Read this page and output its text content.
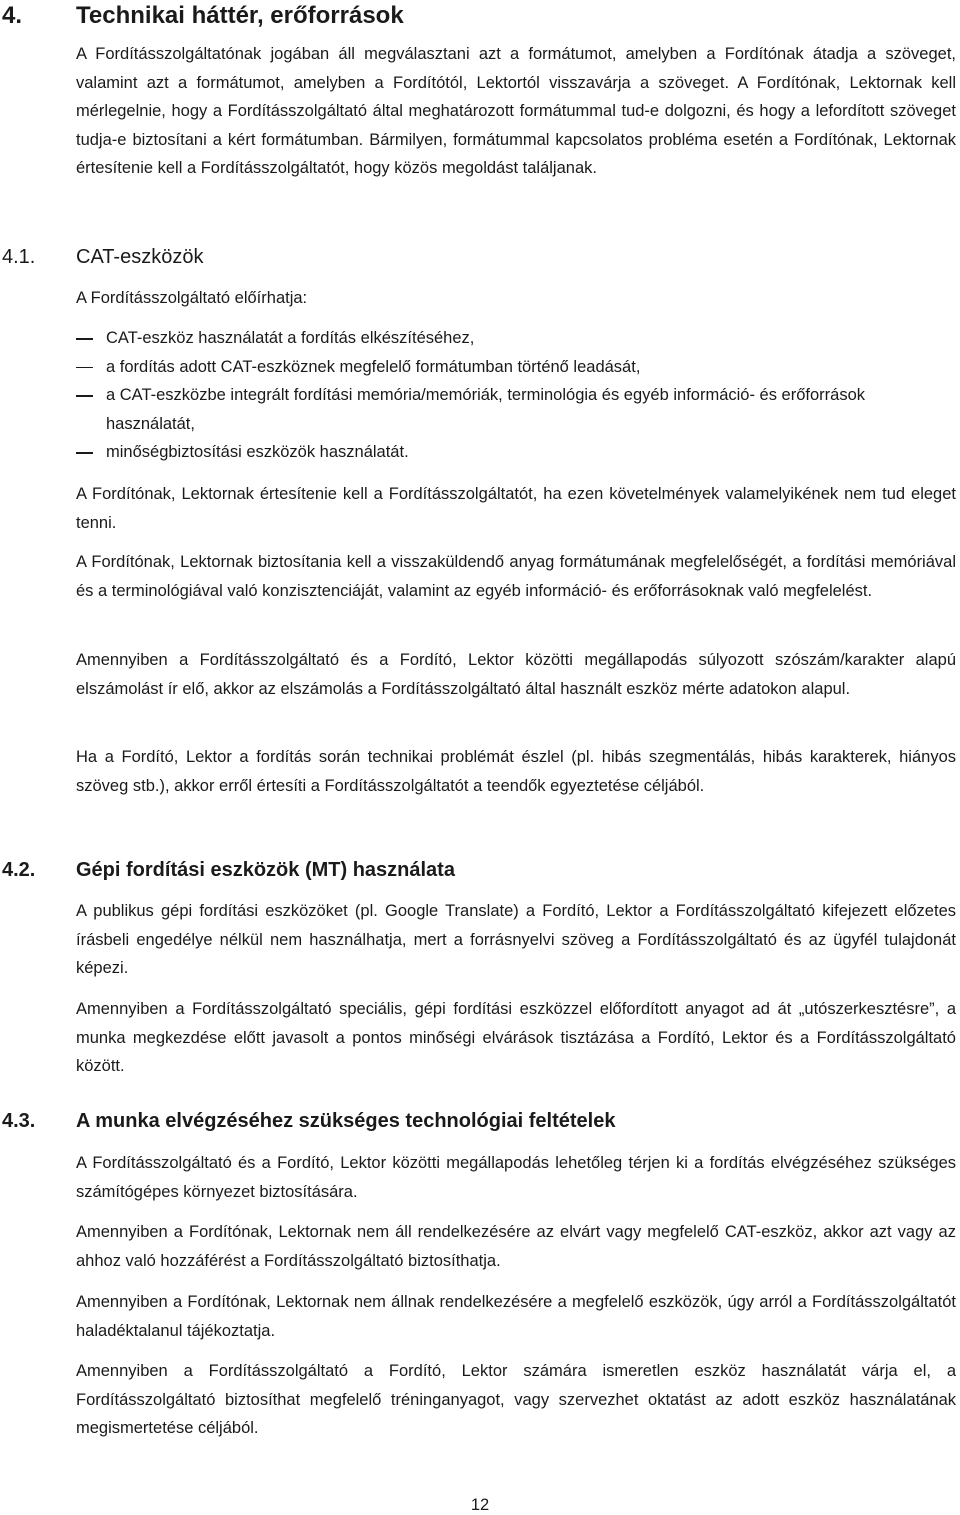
4. Technikai háttér, erőforrások

A Fordításszolgáltatónak jogában áll megválasztani azt a formátumot, amelyben a Fordítónak átadja a szöveget, valamint azt a formátumot, amelyben a Fordítótól, Lektortól visszavárja a szöveget. A Fordítónak, Lektornak kell mérlegelnie, hogy a Fordításszolgáltató által meghatározott formátummal tud-e dolgozni, és hogy a lefordított szöveget tudja-e biztosítani a kért formátumban. Bármilyen, formátummal kapcsolatos probléma esetén a Fordítónak, Lektornak értesítenie kell a Fordításszolgáltatót, hogy közös megoldást találjanak.

4.1. CAT-eszközök

A Fordításszolgáltató előírhatja:

CAT-eszköz használatát a fordítás elkészítéséhez,
a fordítás adott CAT-eszköznek megfelelő formátumban történő leadását,
a CAT-eszközbe integrált fordítási memória/memóriák, terminológia és egyéb információ- és erőforrások használatát,
minőségbiztosítási eszközök használatát.

A Fordítónak, Lektornak értesítenie kell a Fordításszolgáltatót, ha ezen követelmények valamelyikének nem tud eleget tenni.

A Fordítónak, Lektornak biztosítania kell a visszaküldendő anyag formátumának megfelelőségét, a fordítási memóriával és a terminológiával való konzisztenciáját, valamint az egyéb információ- és erőforrásoknak való megfelelést.

Amennyiben a Fordításszolgáltató és a Fordító, Lektor közötti megállapodás súlyozott szószám/karakter alapú elszámolást ír elő, akkor az elszámolás a Fordításszolgáltató által használt eszköz mérte adatokon alapul.

Ha a Fordító, Lektor a fordítás során technikai problémát észlel (pl. hibás szegmentálás, hibás karakterek, hiányos szöveg stb.), akkor erről értesíti a Fordításszolgáltatót a teendők egyeztetése céljából.

4.2. Gépi fordítási eszközök (MT) használata

A publikus gépi fordítási eszközöket (pl. Google Translate) a Fordító, Lektor a Fordításszolgáltató kifejezett előzetes írásbeli engedélye nélkül nem használhatja, mert a forrásnyelvi szöveg a Fordításszolgáltató és az ügyfél tulajdonát képezi.

Amennyiben a Fordításszolgáltató speciális, gépi fordítási eszközzel előfordított anyagot ad át „utószerkesztésre”, a munka megkezdése előtt javasolt a pontos minőségi elvárások tisztázása a Fordító, Lektor és a Fordításszolgáltató között.

4.3. A munka elvégzéséhez szükséges technológiai feltételek

A Fordításszolgáltató és a Fordító, Lektor közötti megállapodás lehetőleg térjen ki a fordítás elvégzéséhez szükséges számítógépes környezet biztosítására.

Amennyiben a Fordítónak, Lektornak nem áll rendelkezésére az elvárt vagy megfelelő CAT-eszköz, akkor azt vagy az ahhoz való hozzáférést a Fordításszolgáltató biztosíthatja.

Amennyiben a Fordítónak, Lektornak nem állnak rendelkezésére a megfelelő eszközök, úgy arról a Fordításszolgáltatót haladéktalanul tájékoztatja.

Amennyiben a Fordításszolgáltató a Fordító, Lektor számára ismeretlen eszköz használatát várja el, a Fordításszolgáltató biztosíthat megfelelő tréninganyagot, vagy szervezhet oktatást az adott eszköz használatának megismertetése céljából.

12
